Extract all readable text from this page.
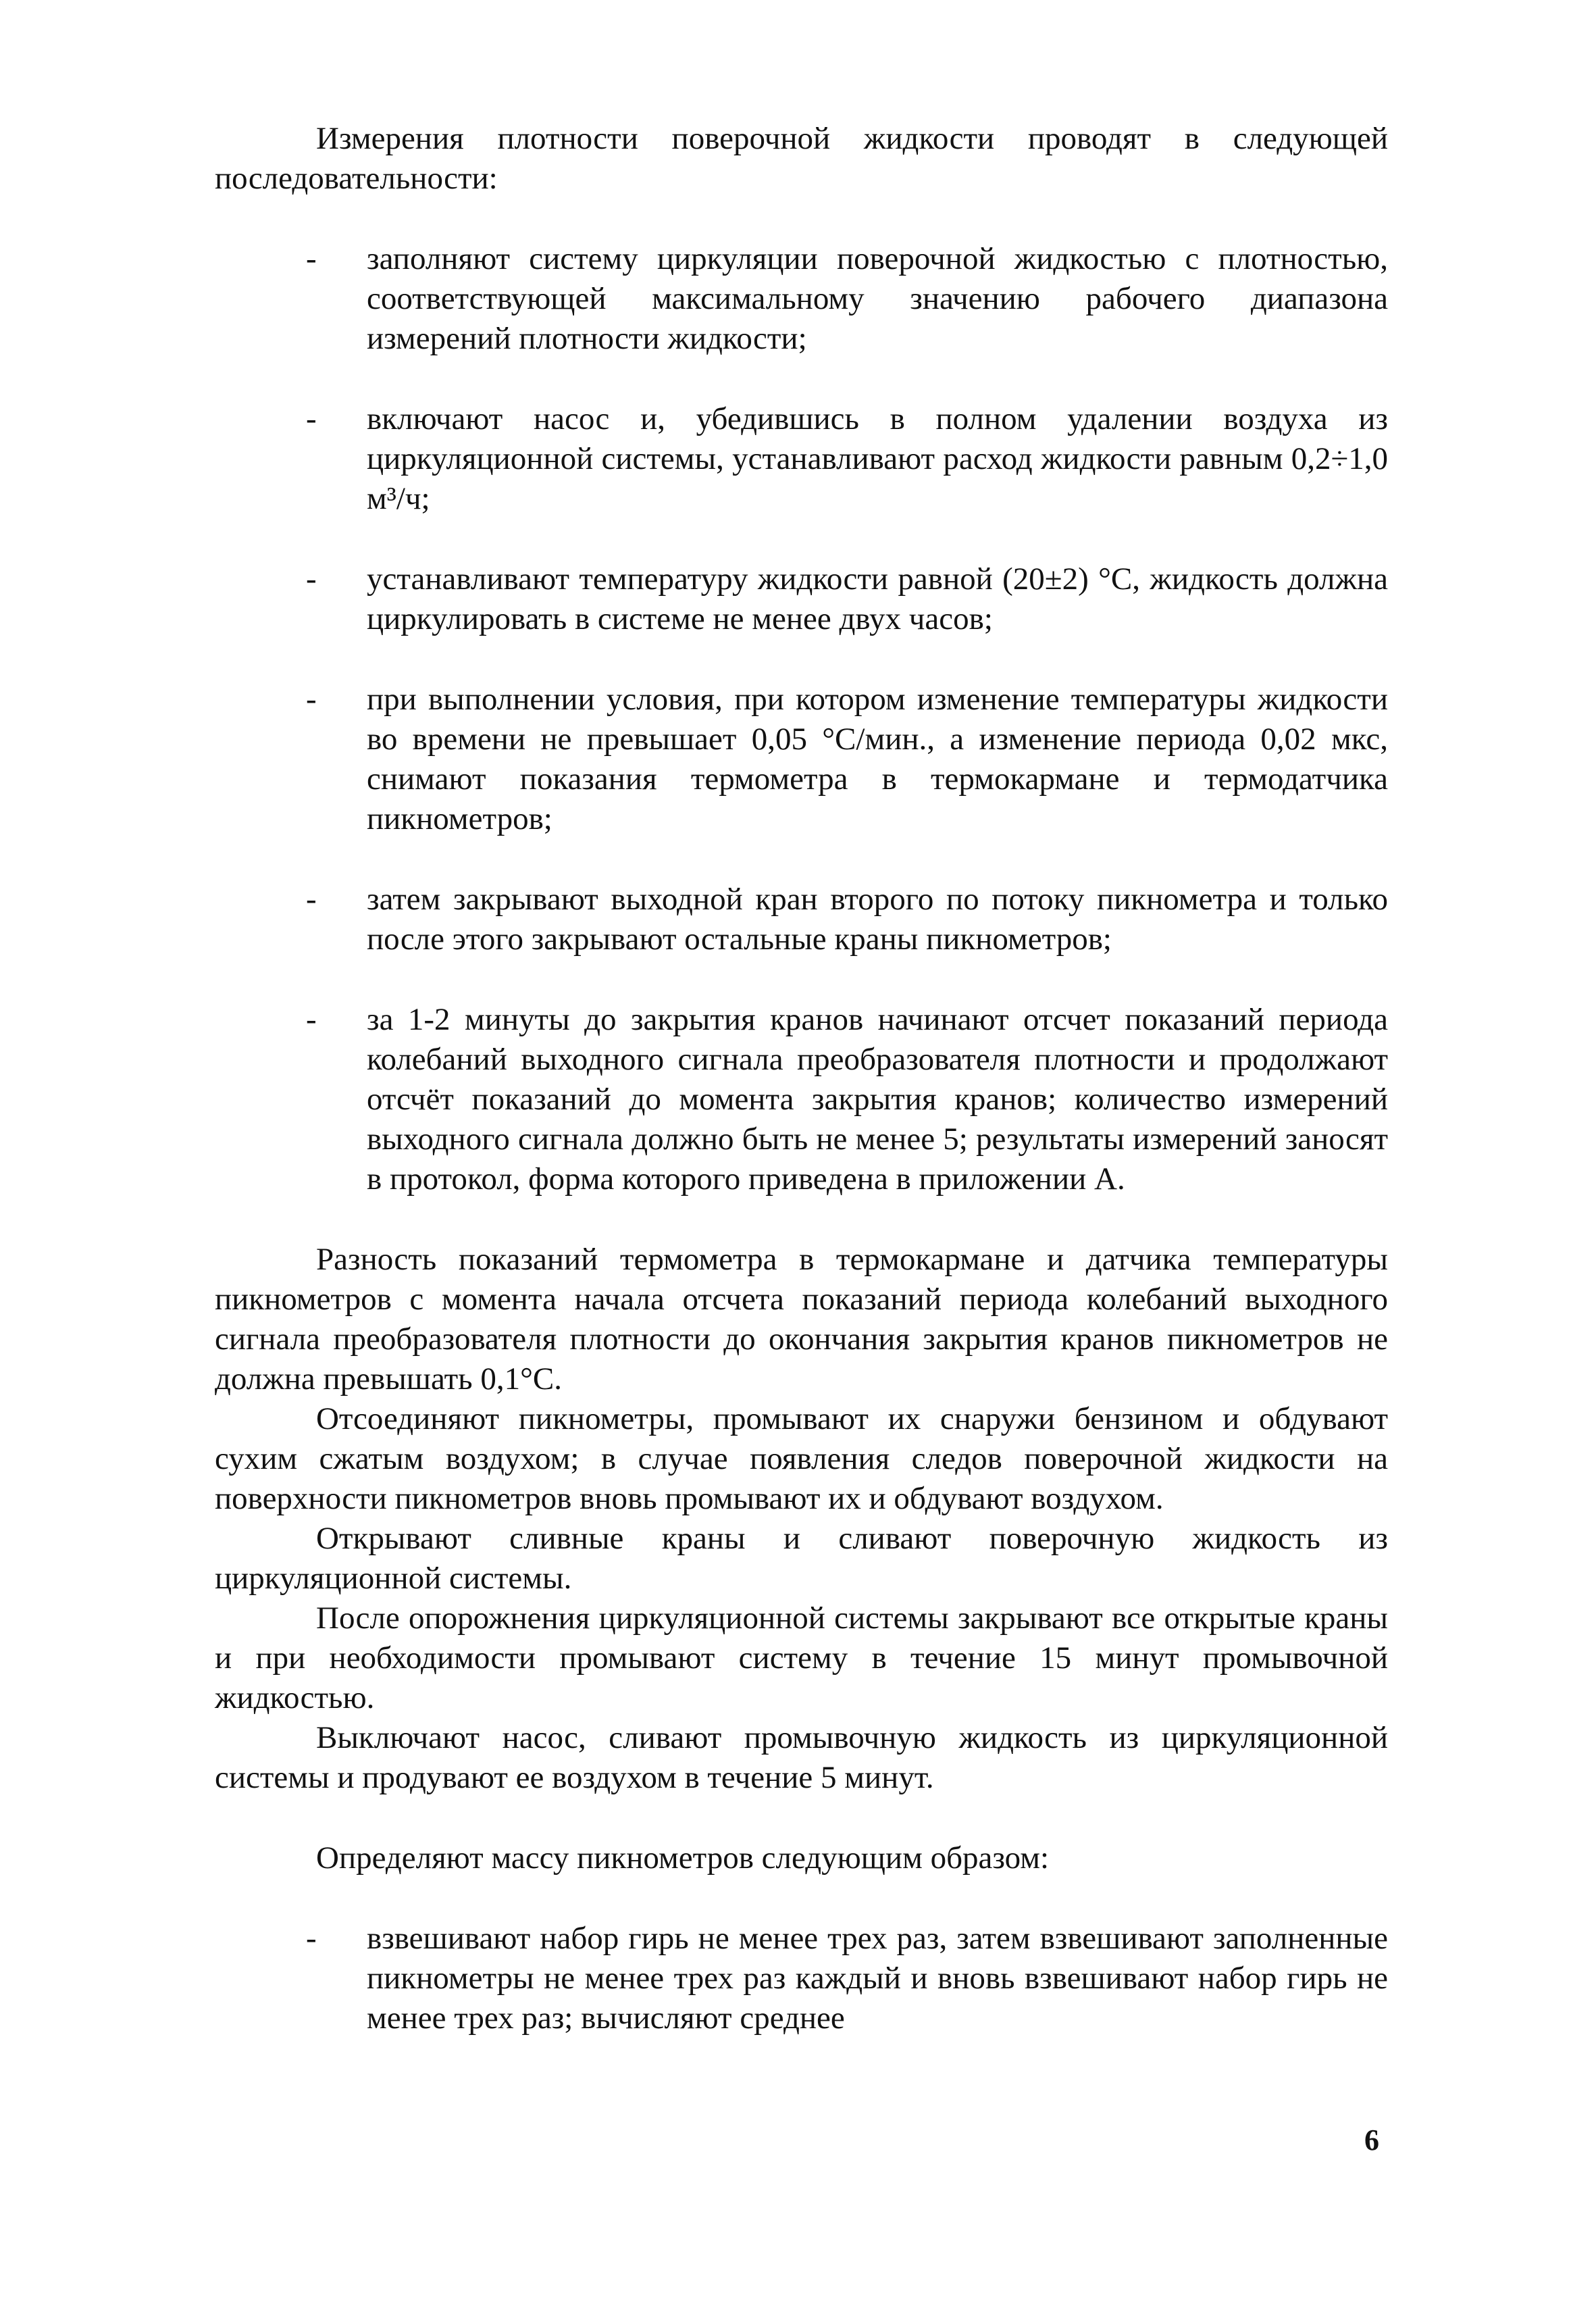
Измерения плотности поверочной жидкости проводят в следующей последовательности:

- заполняют систему циркуляции поверочной жидкостью с плотностью, соответствующей максимальному значению рабочего диапазона измерений плотности жидкости;
- включают насос и, убедившись в полном удалении воздуха из циркуляционной системы, устанавливают расход жидкости равным 0,2÷1,0 м³/ч;
- устанавливают температуру жидкости равной (20±2) °С, жидкость должна циркулировать в системе не менее двух часов;
- при выполнении условия, при котором изменение температуры жидкости во времени не превышает 0,05 °С/мин., а изменение периода 0,02 мкс, снимают показания термометра в термокармане и термодатчика пикнометров;
- затем закрывают выходной кран второго по потоку пикнометра и только после этого закрывают остальные краны пикнометров;
- за 1-2 минуты до закрытия кранов начинают отсчет показаний периода колебаний выходного сигнала преобразователя плотности и продолжают отсчёт показаний до момента закрытия кранов; количество измерений выходного сигнала должно быть не менее 5; результаты измерений заносят в протокол, форма которого приведена в приложении А.

Разность показаний термометра в термокармане и датчика температуры пикнометров с момента начала отсчета показаний периода колебаний выходного сигнала преобразователя плотности до окончания закрытия кранов пикнометров не должна превышать 0,1°С.

Отсоединяют пикнометры, промывают их снаружи бензином и обдувают сухим сжатым воздухом; в случае появления следов поверочной жидкости на поверхности пикнометров вновь промывают их и обдувают воздухом.

Открывают сливные краны и сливают поверочную жидкость из циркуляционной системы.

После опорожнения циркуляционной системы закрывают все открытые краны и при необходимости промывают систему в течение 15 минут промывочной жидкостью.

Выключают насос, сливают промывочную жидкость из циркуляционной системы и продувают ее воздухом в течение 5 минут.

Определяют массу пикнометров следующим образом:

- взвешивают набор гирь не менее трех раз, затем взвешивают заполненные пикнометры не менее трех раз каждый и вновь взвешивают набор гирь не менее трех раз; вычисляют среднее
6
